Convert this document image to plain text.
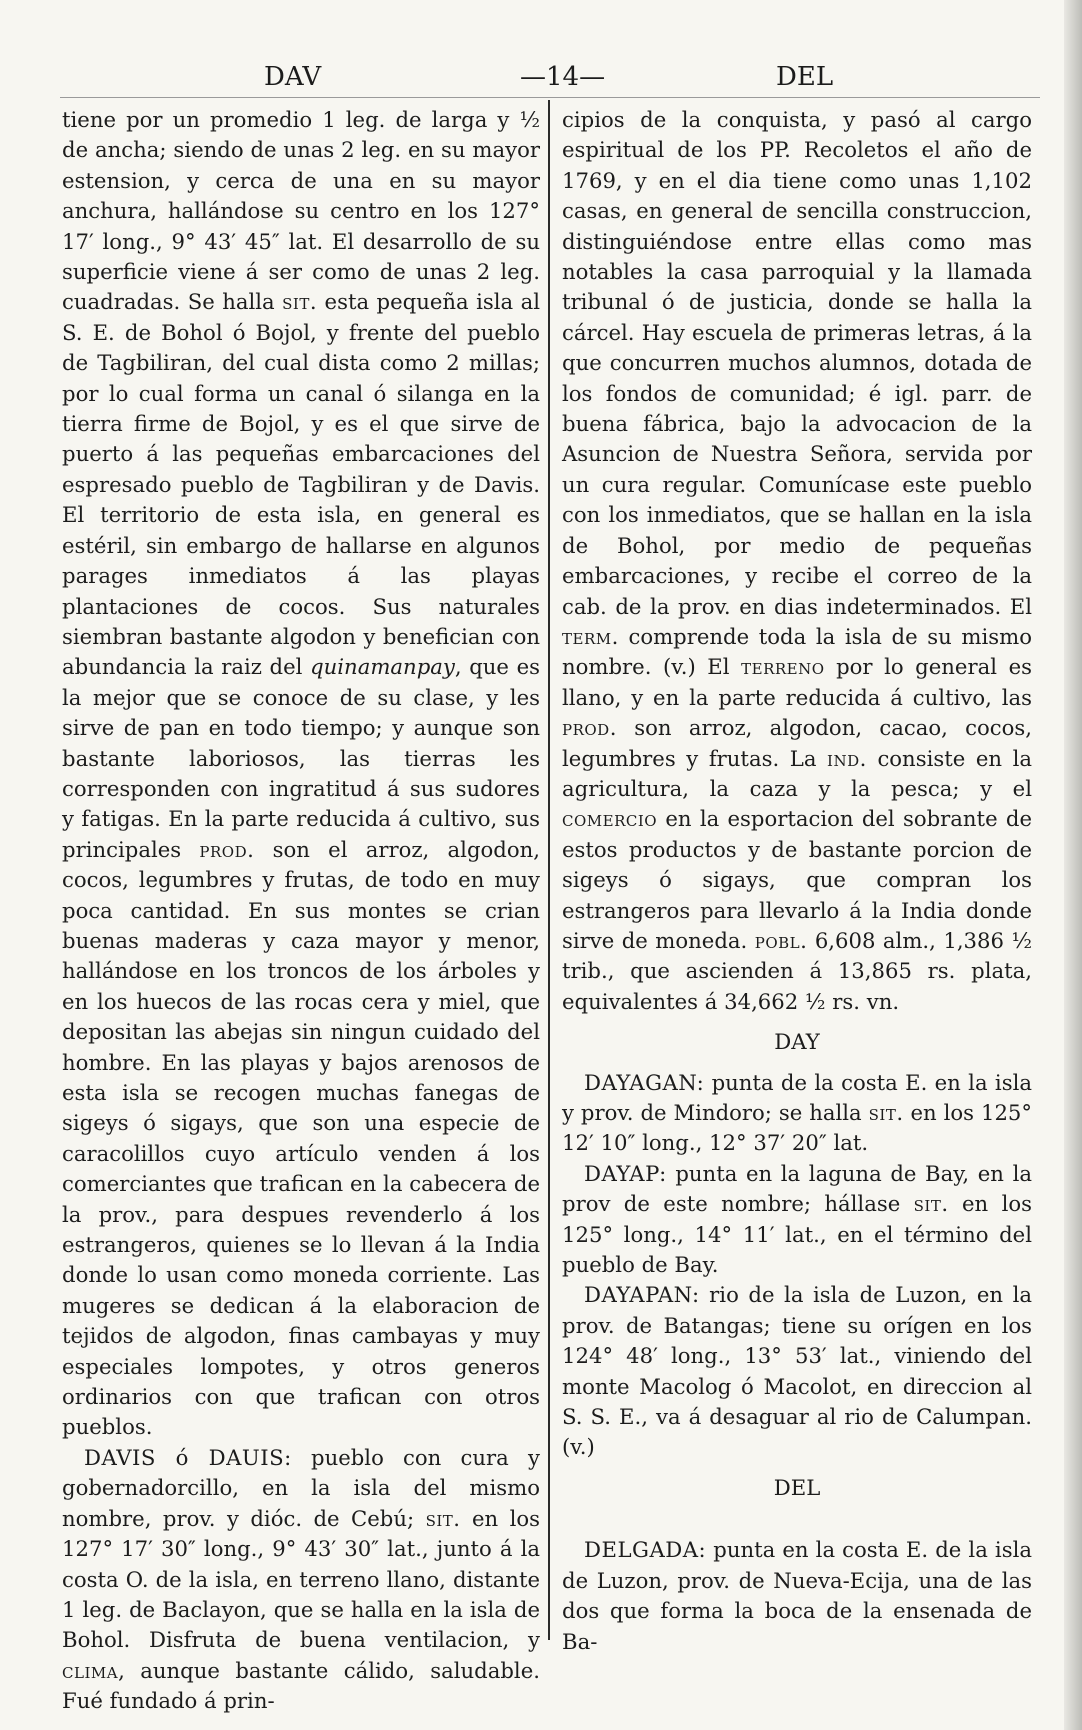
DAV	—14—	DEL

tiene por un promedio 1 leg. de larga y ½ de ancha; siendo de unas 2 leg. en su mayor estension, y cerca de una en su mayor anchura, hallándose su centro en los 127° 17′ long., 9° 43′ 45″ lat. El desarrollo de su superficie viene á ser como de unas 2 leg. cuadradas. Se halla sit. esta pequeña isla al S. E. de Bohol ó Bojol, y frente del pueblo de Tagbiliran, del cual dista como 2 millas; por lo cual forma un canal ó silanga en la tierra firme de Bojol, y es el que sirve de puerto á las pequeñas embarcaciones del espresado pueblo de Tagbiliran y de Davis. El territorio de esta isla, en general es estéril, sin embargo de hallarse en algunos parages inmediatos á las playas plantaciones de cocos. Sus naturales siembran bastante algodon y benefician con abundancia la raiz del quinamanpay, que es la mejor que se conoce de su clase, y les sirve de pan en todo tiempo; y aunque son bastante laboriosos, las tierras les corresponden con ingratitud á sus sudores y fatigas. En la parte reducida á cultivo, sus principales prod. son el arroz, algodon, cocos, legumbres y frutas, de todo en muy poca cantidad. En sus montes se crian buenas maderas y caza mayor y menor, hallándose en los troncos de los árboles y en los huecos de las rocas cera y miel, que depositan las abejas sin ningun cuidado del hombre. En las playas y bajos arenosos de esta isla se recogen muchas fanegas de sigeys ó sigays, que son una especie de caracolillos cuyo artículo venden á los comerciantes que trafican en la cabecera de la prov., para despues revenderlo á los estrangeros, quienes se lo llevan á la India donde lo usan como moneda corriente. Las mugeres se dedican á la elaboracion de tejidos de algodon, finas cambayas y muy especiales lompotes, y otros generos ordinarios con que trafican con otros pueblos.

DAVIS ó DAUIS: pueblo con cura y gobernadorcillo, en la isla del mismo nombre, prov. y dióc. de Cebú; sit. en los 127° 17′ 30″ long., 9° 43′ 30″ lat., junto á la costa O. de la isla, en terreno llano, distante 1 leg. de Baclayon, que se halla en la isla de Bohol. Disfruta de buena ventilacion, y clima, aunque bastante cálido, saludable. Fué fundado á prin-

cipios de la conquista, y pasó al cargo espiritual de los PP. Recoletos el año de 1769, y en el dia tiene como unas 1,102 casas, en general de sencilla construccion, distinguiéndose entre ellas como mas notables la casa parroquial y la llamada tribunal ó de justicia, donde se halla la cárcel. Hay escuela de primeras letras, á la que concurren muchos alumnos, dotada de los fondos de comunidad; é igl. parr. de buena fábrica, bajo la advocacion de la Asuncion de Nuestra Señora, servida por un cura regular. Comunícase este pueblo con los inmediatos, que se hallan en la isla de Bohol, por medio de pequeñas embarcaciones, y recibe el correo de la cab. de la prov. en dias indeterminados. El term. comprende toda la isla de su mismo nombre. (v.) El terreno por lo general es llano, y en la parte reducida á cultivo, las prod. son arroz, algodon, cacao, cocos, legumbres y frutas. La ind. consiste en la agricultura, la caza y la pesca; y el comercio en la esportacion del sobrante de estos productos y de bastante porcion de sigeys ó sigays, que compran los estrangeros para llevarlo á la India donde sirve de moneda. pobl. 6,608 alm., 1,386 ½ trib., que ascienden á 13,865 rs. plata, equivalentes á 34,662 ½ rs. vn.

DAY

DAYAGAN: punta de la costa E. en la isla y prov. de Mindoro; se halla sit. en los 125° 12′ 10″ long., 12° 37′ 20″ lat.

DAYAP: punta en la laguna de Bay, en la prov de este nombre; hállase sit. en los 125° long., 14° 11′ lat., en el término del pueblo de Bay.

DAYAPAN: rio de la isla de Luzon, en la prov. de Batangas; tiene su orígen en los 124° 48′ long., 13° 53′ lat., viniendo del monte Macolog ó Macolot, en direccion al S. S. E., va á desaguar al rio de Calumpan. (v.)

DEL

DELGADA: punta en la costa E. de la isla de Luzon, prov. de Nueva-Ecija, una de las dos que forma la boca de la ensenada de Ba-
